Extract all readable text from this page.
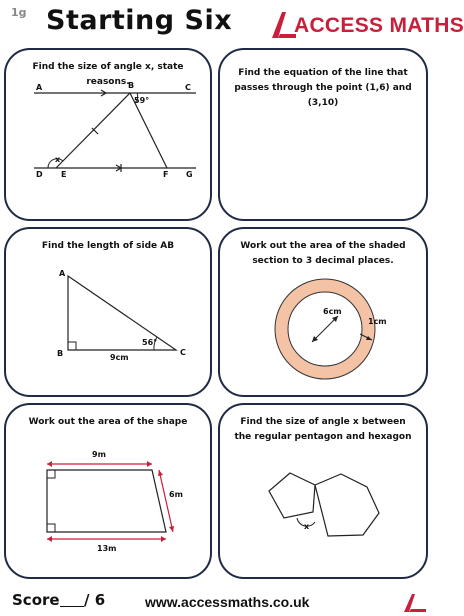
1g Starting Six	ACCESS MATHS
Find the size of angle x, state reasons.
A	B	C
D E	F G
59°
x
Find the equation of the line that passes through the point (1,6) and (3,10)
Find the length of side AB
A
B	C
56°
9cm
Work out the area of the shaded section to 3 decimal places.
6cm
1cm
Work out the area of the shape
9m
6m
13m
Find the size of angle x between the regular pentagon and hexagon
x
Score / 6	www.accessmaths.co.uk
